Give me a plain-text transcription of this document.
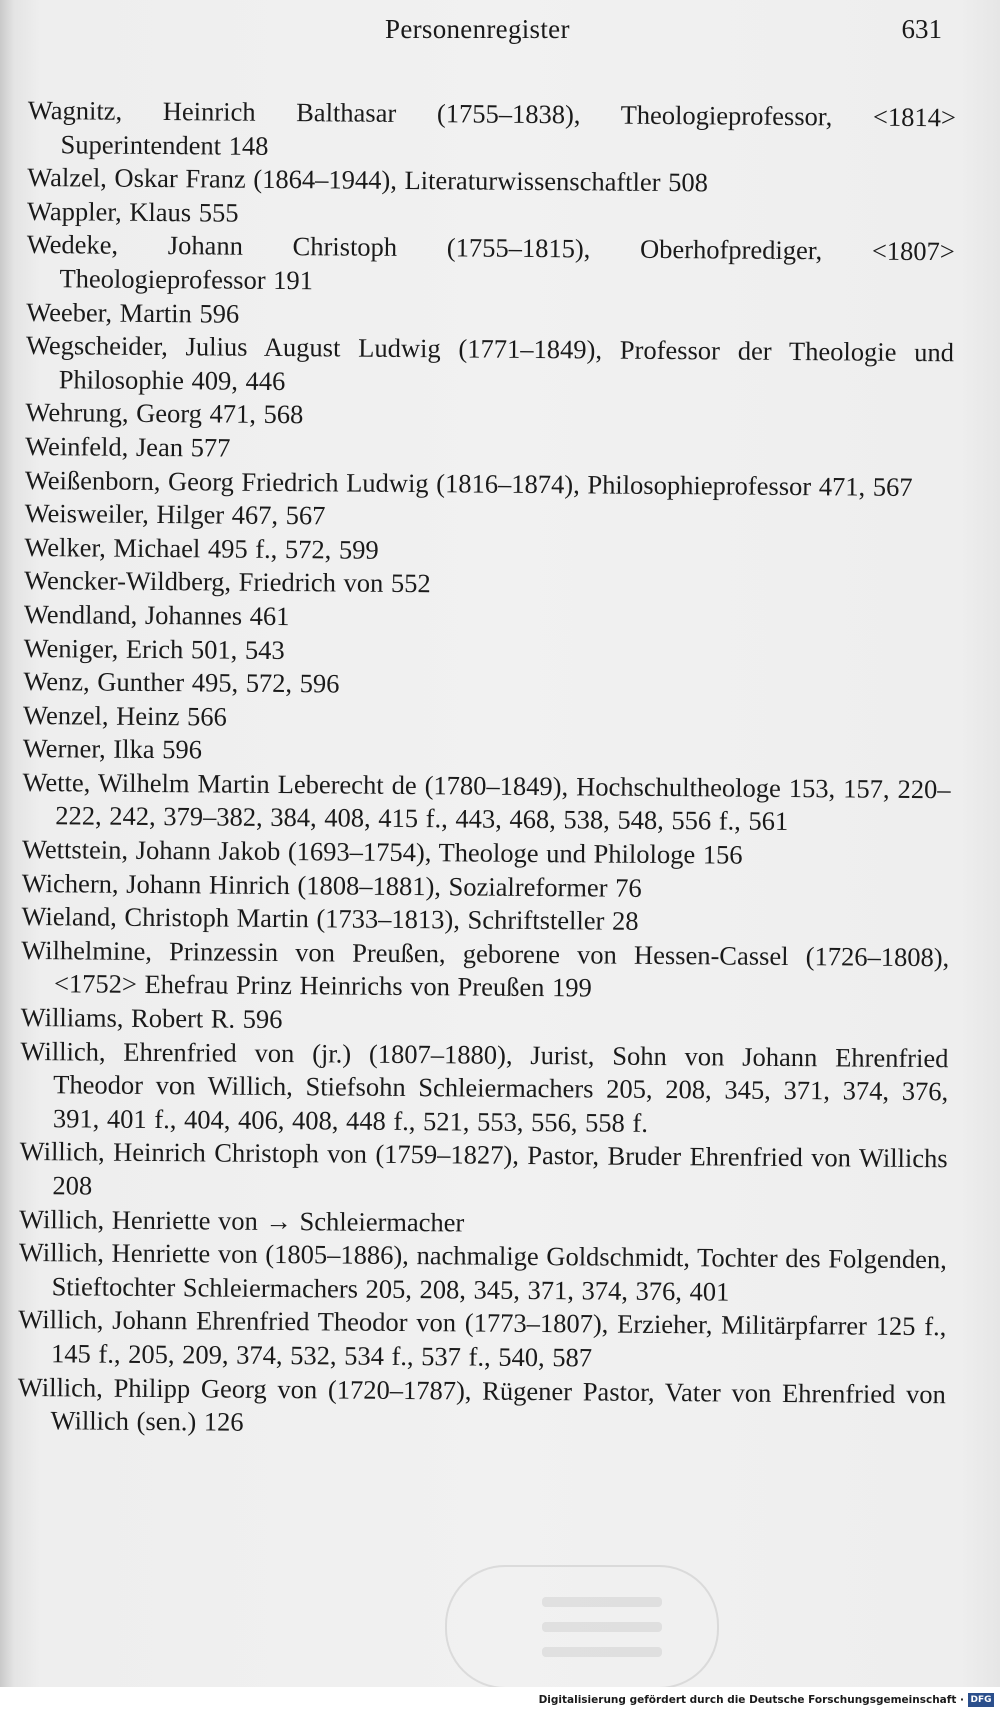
Personenregister	631
Wagnitz, Heinrich Balthasar (1755–1838), Theologieprofessor, <1814> Superintendent 148
Walzel, Oskar Franz (1864–1944), Literaturwissenschaftler 508
Wappler, Klaus 555
Wedeke, Johann Christoph (1755–1815), Oberhofprediger, <1807> Theologieprofessor 191
Weeber, Martin 596
Wegscheider, Julius August Ludwig (1771–1849), Professor der Theologie und Philosophie 409, 446
Wehrung, Georg 471, 568
Weinfeld, Jean 577
Weißenborn, Georg Friedrich Ludwig (1816–1874), Philosophieprofessor 471, 567
Weisweiler, Hilger 467, 567
Welker, Michael 495 f., 572, 599
Wencker-Wildberg, Friedrich von 552
Wendland, Johannes 461
Weniger, Erich 501, 543
Wenz, Gunther 495, 572, 596
Wenzel, Heinz 566
Werner, Ilka 596
Wette, Wilhelm Martin Leberecht de (1780–1849), Hochschultheologe 153, 157, 220–222, 242, 379–382, 384, 408, 415 f., 443, 468, 538, 548, 556 f., 561
Wettstein, Johann Jakob (1693–1754), Theologe und Philologe 156
Wichern, Johann Hinrich (1808–1881), Sozialreformer 76
Wieland, Christoph Martin (1733–1813), Schriftsteller 28
Wilhelmine, Prinzessin von Preußen, geborene von Hessen-Cassel (1726–1808), <1752> Ehefrau Prinz Heinrichs von Preußen 199
Williams, Robert R. 596
Willich, Ehrenfried von (jr.) (1807–1880), Jurist, Sohn von Johann Ehrenfried Theodor von Willich, Stiefsohn Schleiermachers 205, 208, 345, 371, 374, 376, 391, 401 f., 404, 406, 408, 448 f., 521, 553, 556, 558 f.
Willich, Heinrich Christoph von (1759–1827), Pastor, Bruder Ehrenfried von Willichs 208
Willich, Henriette von → Schleiermacher
Willich, Henriette von (1805–1886), nachmalige Goldschmidt, Tochter des Folgenden, Stieftochter Schleiermachers 205, 208, 345, 371, 374, 376, 401
Willich, Johann Ehrenfried Theodor von (1773–1807), Erzieher, Militärpfarrer 125 f., 145 f., 205, 209, 374, 532, 534 f., 537 f., 540, 587
Willich, Philipp Georg von (1720–1787), Rügener Pastor, Vater von Ehrenfried von Willich (sen.) 126
Digitalisierung gefördert durch die Deutsche Forschungsgemeinschaft · DFG
